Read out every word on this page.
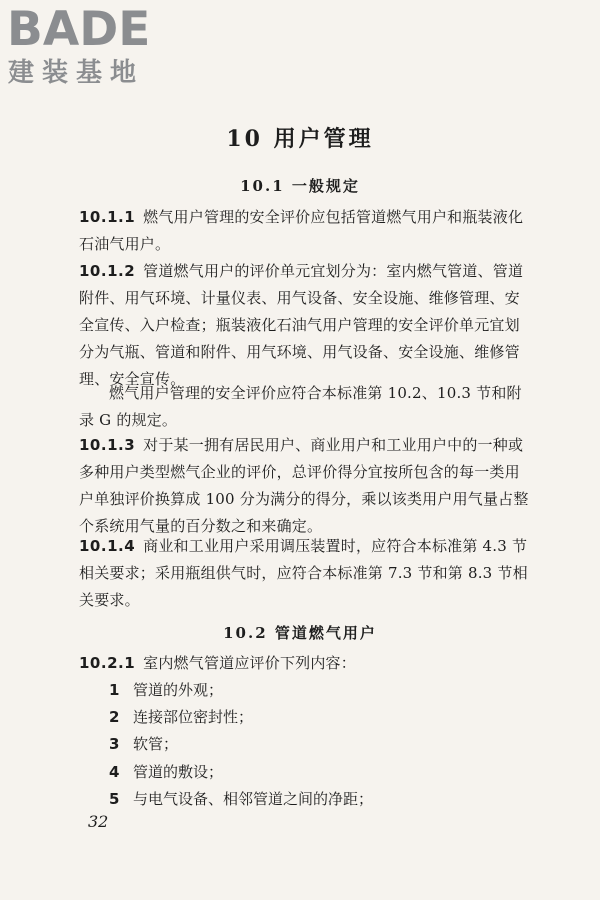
BADE
建装基地
10 用户管理
10.1 一般规定
10.1.1 燃气用户管理的安全评价应包括管道燃气用户和瓶装液化石油气用户。
10.1.2 管道燃气用户的评价单元宜划分为：室内燃气管道、管道附件、用气环境、计量仪表、用气设备、安全设施、维修管理、安全宣传、入户检查；瓶装液化石油气用户管理的安全评价单元宜划分为气瓶、管道和附件、用气环境、用气设备、安全设施、维修管理、安全宣传。
燃气用户管理的安全评价应符合本标准第 10.2、10.3 节和附录 G 的规定。
10.1.3 对于某一拥有居民用户、商业用户和工业用户中的一种或多种用户类型燃气企业的评价，总评价得分宜按所包含的每一类用户单独评价换算成 100 分为满分的得分，乘以该类用户用气量占整个系统用气量的百分数之和来确定。
10.1.4 商业和工业用户采用调压装置时，应符合本标准第 4.3 节相关要求；采用瓶组供气时，应符合本标准第 7.3 节和第 8.3 节相关要求。
10.2 管道燃气用户
10.2.1 室内燃气管道应评价下列内容：
1 管道的外观；
2 连接部位密封性；
3 软管；
4 管道的敷设；
5 与电气设备、相邻管道之间的净距；
32
